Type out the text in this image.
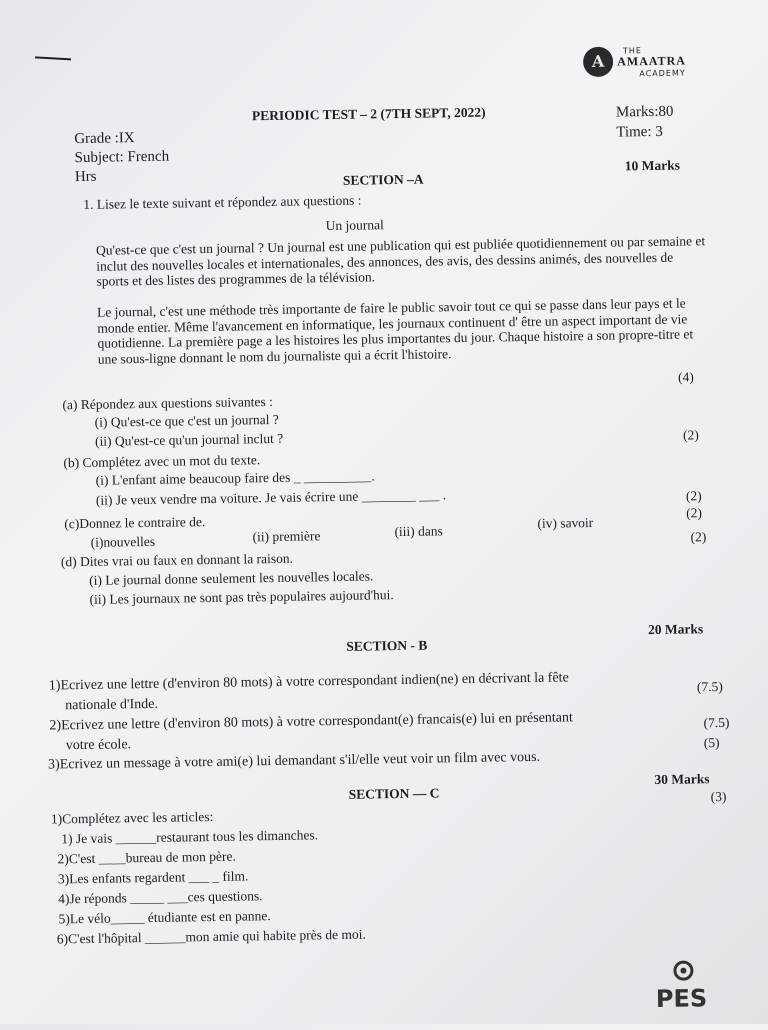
A
THE
AMAATRA
ACADEMY
PERIODIC TEST – 2 (7TH SEPT, 2022)	Marks:80
Time: 3
Grade :IX
Subject: French
Hrs	SECTION –A
10 Marks
1. Lisez le texte suivant et répondez aux questions :
Un journal
Qu'est-ce que c'est un journal ? Un journal est une publication qui est publiée quotidiennement ou par semaine et inclut des nouvelles locales et internationales, des annonces, des avis, des dessins animés, des nouvelles de sports et des listes des programmes de la télévision.
Le journal, c'est une méthode très importante de faire le public savoir tout ce qui se passe dans leur pays et le monde entier. Même l'avancement en informatique, les journaux continuent d' être un aspect important de vie quotidienne. La première page a les histoires les plus importantes du jour. Chaque histoire a son propre-titre et une sous-ligne donnant le nom du journaliste qui a écrit l'histoire.
(4)
(a) Répondez aux questions suivantes :
(i) Qu'est-ce que c'est un journal ?
(ii) Qu'est-ce qu'un journal inclut ?	(2)
(b) Complétez avec un mot du texte.
(i) L'enfant aime beaucoup faire des _ __________.
(ii) Je veux vendre ma voiture. Je vais écrire une ________ ___ .	(2)
(c)Donnez le contraire de.
(i)nouvelles	(ii) première	(iii) dans
(iv) savoir
(2)
(d) Dites vrai ou faux en donnant la raison.
(2)
(i) Le journal donne seulement les nouvelles locales.
(ii) Les journaux ne sont pas très populaires aujourd'hui.
SECTION - B
20 Marks
1)Ecrivez une lettre (d'environ 80 mots) à votre correspondant indien(ne) en décrivant la fête
nationale d'Inde.
(7.5)
2)Ecrivez une lettre (d'environ 80 mots) à votre correspondant(e) francais(e) lui en présentant
votre école.
(7.5)
3)Ecrivez un message à votre ami(e) lui demandant s'il/elle veut voir un film avec vous.
(5)
SECTION — C
30 Marks
1)Complétez avec les articles:
(3)
1) Je vais ______restaurant tous les dimanches.
2)C'est ____bureau de mon père.
3)Les enfants regardent ___ _ film.
4)Je réponds _____ ___ces questions.
5)Le vélo_____ étudiante est en panne.
6)C'est l'hôpital ______mon amie qui habite près de moi.
PES
